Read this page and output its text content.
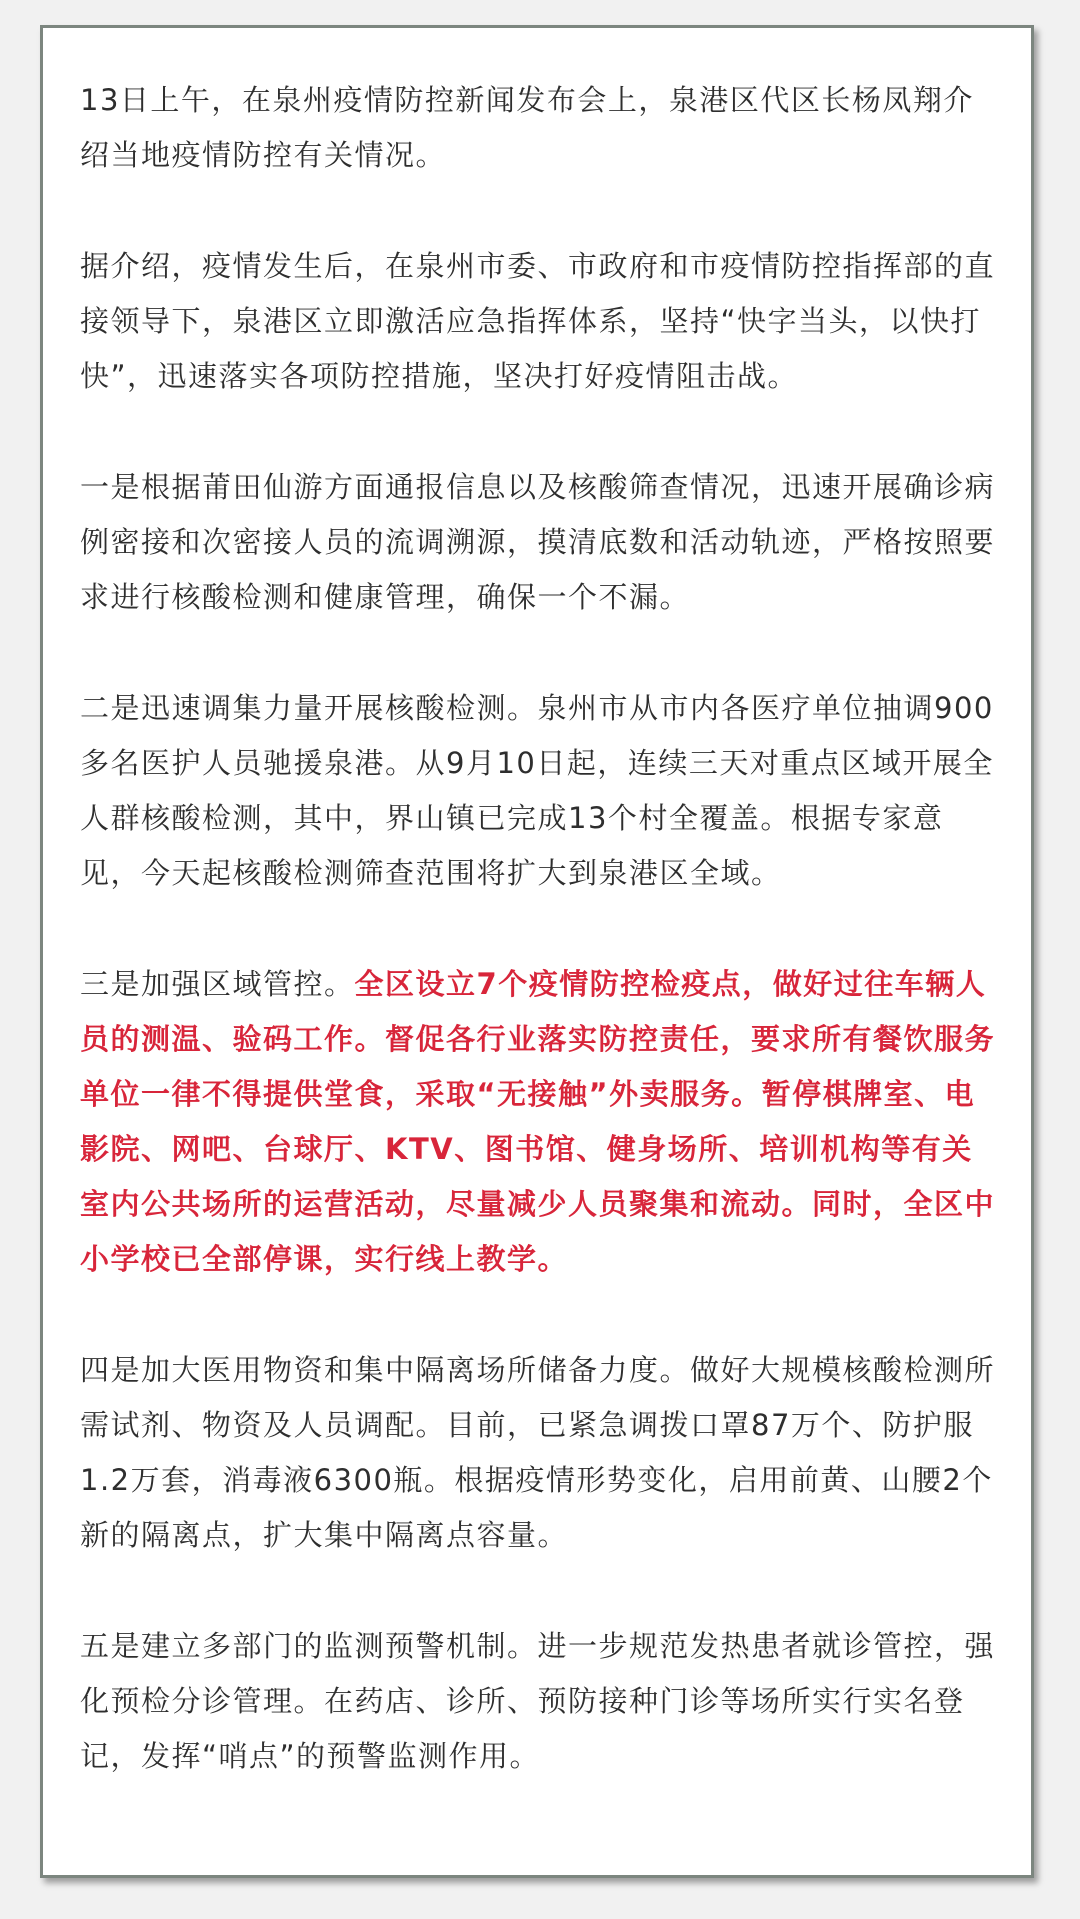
13日上午，在泉州疫情防控新闻发布会上，泉港区代区长杨凤翔介绍当地疫情防控有关情况。

据介绍，疫情发生后，在泉州市委、市政府和市疫情防控指挥部的直接领导下，泉港区立即激活应急指挥体系，坚持“快字当头，以快打快”，迅速落实各项防控措施，坚决打好疫情阻击战。

一是根据莆田仙游方面通报信息以及核酸筛查情况，迅速开展确诊病例密接和次密接人员的流调溯源，摸清底数和活动轨迹，严格按照要求进行核酸检测和健康管理，确保一个不漏。

二是迅速调集力量开展核酸检测。泉州市从市内各医疗单位抽调900多名医护人员驰援泉港。从9月10日起，连续三天对重点区域开展全人群核酸检测，其中，界山镇已完成13个村全覆盖。根据专家意见，今天起核酸检测筛查范围将扩大到泉港区全域。

三是加强区域管控。全区设立7个疫情防控检疫点，做好过往车辆人员的测温、验码工作。督促各行业落实防控责任，要求所有餐饮服务单位一律不得提供堂食，采取“无接触”外卖服务。暂停棋牌室、电影院、网吧、台球厅、KTV、图书馆、健身场所、培训机构等有关室内公共场所的运营活动，尽量减少人员聚集和流动。同时，全区中小学校已全部停课，实行线上教学。

四是加大医用物资和集中隔离场所储备力度。做好大规模核酸检测所需试剂、物资及人员调配。目前，已紧急调拨口罩87万个、防护服1.2万套，消毒液6300瓶。根据疫情形势变化，启用前黄、山腰2个新的隔离点，扩大集中隔离点容量。

五是建立多部门的监测预警机制。进一步规范发热患者就诊管控，强化预检分诊管理。在药店、诊所、预防接种门诊等场所实行实名登记，发挥“哨点”的预警监测作用。
